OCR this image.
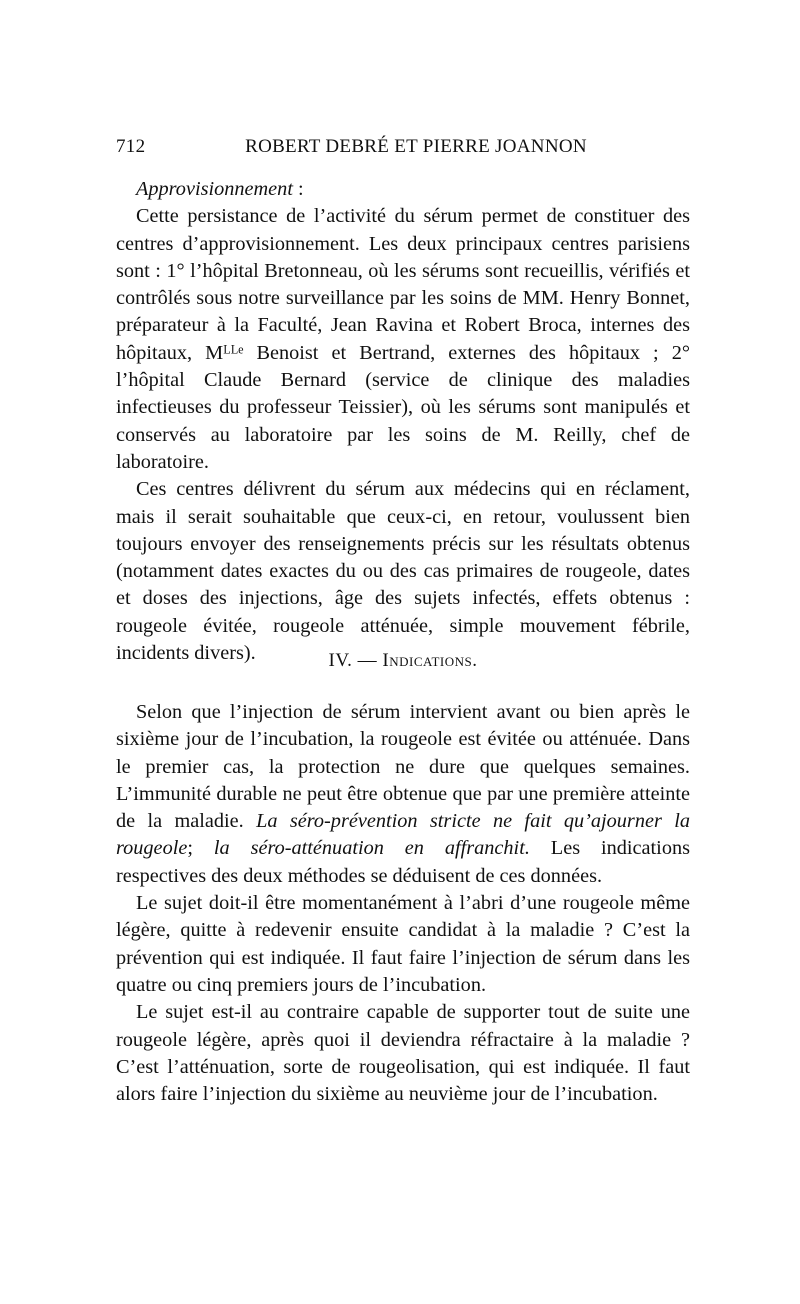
712	ROBERT DEBRÉ ET PIERRE JOANNON

Approvisionnement :

Cette persistance de l’activité du sérum permet de constituer des centres d’approvisionnement. Les deux principaux centres parisiens sont : 1° l’hôpital Bretonneau, où les sérums sont recueillis, vérifiés et contrôlés sous notre surveillance par les soins de MM. Henry Bonnet, préparateur à la Faculté, Jean Ravina et Robert Broca, internes des hôpitaux, Mᴸᴸᵉ Benoist et Bertrand, externes des hôpitaux ; 2° l’hôpital Claude Bernard (service de clinique des maladies infectieuses du professeur Teissier), où les sérums sont manipulés et conservés au laboratoire par les soins de M. Reilly, chef de laboratoire.

Ces centres délivrent du sérum aux médecins qui en réclament, mais il serait souhaitable que ceux-ci, en retour, voulussent bien toujours envoyer des renseignements précis sur les résultats obtenus (notamment dates exactes du ou des cas primaires de rougeole, dates et doses des injections, âge des sujets infectés, effets obtenus : rougeole évitée, rougeole atténuée, simple mouvement fébrile, incidents divers).	IV. — Indications.

Selon que l’injection de sérum intervient avant ou bien après le sixième jour de l’incubation, la rougeole est évitée ou atténuée. Dans le premier cas, la protection ne dure que quelques semaines. L’immunité durable ne peut être obtenue que par une première atteinte de la maladie. La séro-prévention stricte ne fait qu’ajourner la rougeole; la séro-atténuation en affranchit. Les indications respectives des deux méthodes se déduisent de ces données.

Le sujet doit-il être momentanément à l’abri d’une rougeole même légère, quitte à redevenir ensuite candidat à la maladie ? C’est la prévention qui est indiquée. Il faut faire l’injection de sérum dans les quatre ou cinq premiers jours de l’incubation.

Le sujet est-il au contraire capable de supporter tout de suite une rougeole légère, après quoi il deviendra réfractaire à la maladie ? C’est l’atténuation, sorte de rougeolisation, qui est indiquée. Il faut alors faire l’injection du sixième au neuvième jour de l’incubation.
